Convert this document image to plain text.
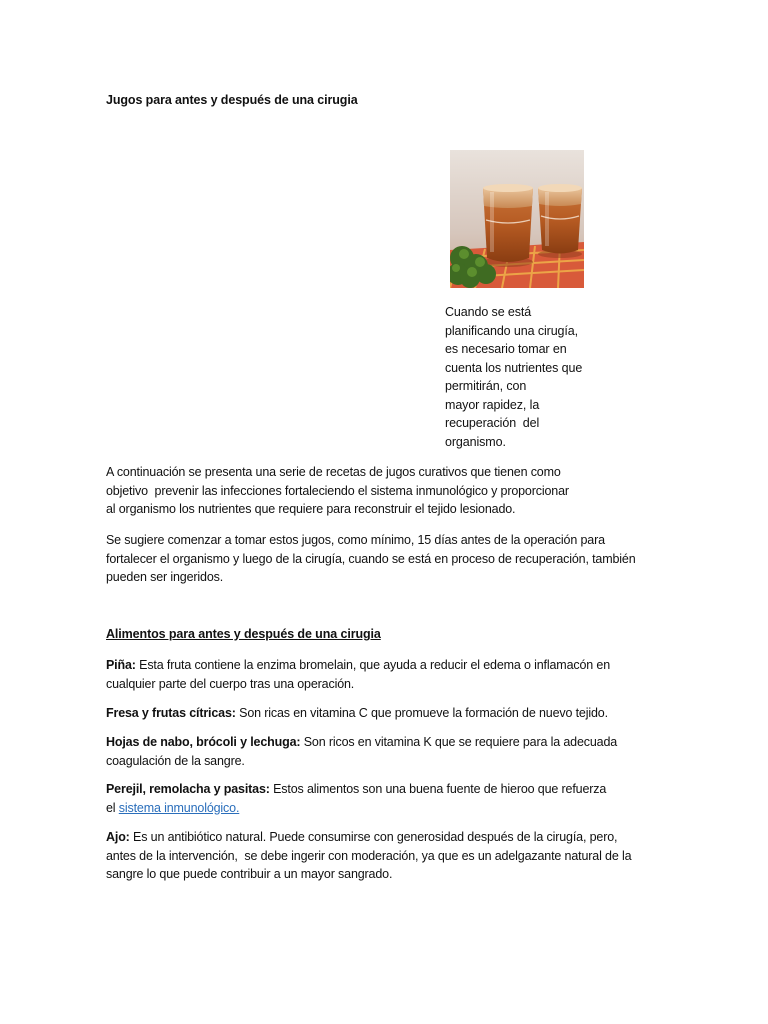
Jugos para antes y después de una cirugia
Cuando se está
planificando una cirugía,
es necesario tomar en
cuenta los nutrientes que
permitirán, con
mayor rapidez, la
recuperación  del
organismo.
A continuación se presenta una serie de recetas de jugos curativos que tienen como
objetivo  prevenir las infecciones fortaleciendo el sistema inmunológico y proporcionar
al organismo los nutrientes que requiere para reconstruir el tejido lesionado.
Se sugiere comenzar a tomar estos jugos, como mínimo, 15 días antes de la operación para
fortalecer el organismo y luego de la cirugía, cuando se está en proceso de recuperación, también
pueden ser ingeridos.
Alimentos para antes y después de una cirugia
Piña: Esta fruta contiene la enzima bromelain, que ayuda a reducir el edema o inflamacón en
cualquier parte del cuerpo tras una operación.
Fresa y frutas cítricas: Son ricas en vitamina C que promueve la formación de nuevo tejido.
Hojas de nabo, brócoli y lechuga: Son ricos en vitamina K que se requiere para la adecuada
coagulación de la sangre.
Perejil, remolacha y pasitas: Estos alimentos son una buena fuente de hieroo que refuerza
el sistema inmunológico.
Ajo: Es un antibiótico natural. Puede consumirse con generosidad después de la cirugía, pero,
antes de la intervención,  se debe ingerir con moderación, ya que es un adelgazante natural de la
sangre lo que puede contribuir a un mayor sangrado.
